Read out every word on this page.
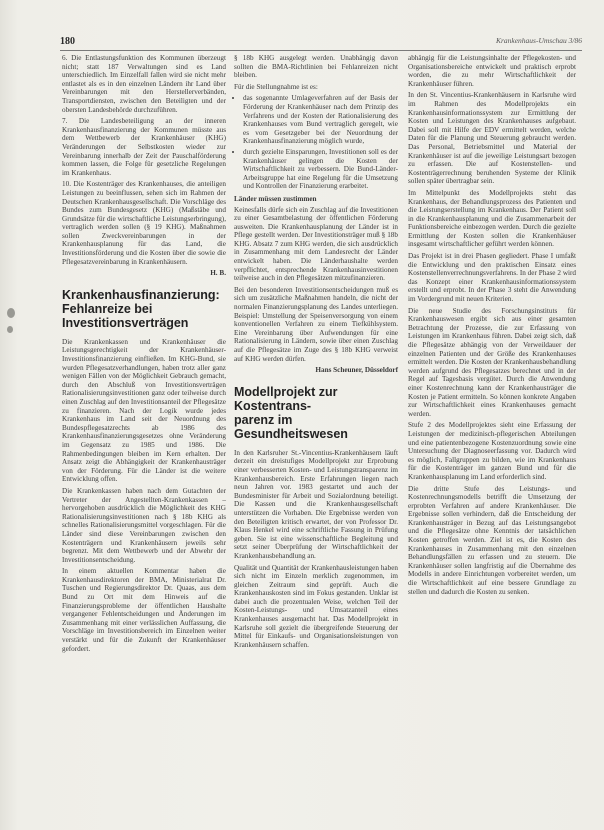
180	Krankenhaus-Umschau 3/86

6. Die Entlastungsfunktion des Kommunen überzeugt nicht; statt 187 Verwaltungen sind es Land unterschiedlich. Im Einzelfall fallen wird sie nicht mehr entlastet als es in den einzelnen Ländern ihr Land über Vereinbarungen mit den Herstellerverbänden, Transportdiensten, zwischen den Beteiligten und der obersten Landesbehörde durchzuführen.

7. Die Landesbeteiligung an der inneren Krankenhausfinanzierung der Kommunen müsste aus dem Wettbewerb der Krankenhäuser (KHG) Veränderungen der Selbstkosten wieder zur Vereinbarung innerhalb der Zeit der Pauschalförderung kommen lassen, die Folge für gesetzliche Regelungen im Krankenhaus.

10. Die Kostenträger des Krankenhauses, die anteiligen Leistungen zu beeinflussen, sehen sich im Rahmen der Deutschen Krankenhausgesellschaft. Die Vorschläge des Bundes zum Bundesgesetz (KHG) (Maßstäbe und Grundsätze für die wirtschaftliche Leistungserbringung), vertraglich werden sollen (§ 19 KHG). Maßnahmen sollen Zweckvereinbarungen in der Krankenhausplanung für das Land, die Investitionsförderung und die Kosten über die sowie die Pflegesatzvereinbarung in Krankenhäusern.

H. B.
Krankenhausfinanzierung:
Fehlanreize bei
Investitionsverträgen

Die Krankenkassen und Krankenhäuser die Leistungsgerechtigkeit der Krankenhäuser-Investitionsfinanzierung einfließen. Im KHG-Bund, sie wurden Pflegesatzverhandlungen, haben trotz aller ganz wenigen Fällen von der Möglichkeit Gebrauch gemacht, durch den Abschluß von Investitionsverträgen Rationalisierungsinvestitionen ganz oder teilweise durch einen Zuschlag auf den Investitionsanteil der Pflegesätze zu finanzieren. Nach der Logik wurde jedes Krankenhaus im Land seit der Neuordnung des Bundespflegesatzrechts ab 1986 des Krankenhausfinanzierungsgesetzes ohne Veränderung im Gegensatz zu 1985 und 1986. Die Rahmenbedingungen bleiben im Kern erhalten. Der Ansatz zeigt die Abhängigkeit der Krankenhausträger von der Förderung. Für die Länder ist die weitere Entwicklung offen.

Die Krankenkassen haben nach dem Gutachten der Vertreter der Angestellten-Krankenkassen – hervorgehoben ausdrücklich die Möglichkeit des KHG Rationalisierungsinvestitionen nach § 18b KHG als schnelles Rationalisierungsmittel vorgeschlagen. Für die Länder sind diese Vereinbarungen zwischen den Kostenträgern und Krankenhäusern jeweils sehr begrenzt. Mit dem Wettbewerb und der Abwehr der Investitionsentscheidung.

In einem aktuellen Kommentar haben die Krankenhausdirektoren der BMA, Ministerialrat Dr. Tuschen und Regierungsdirektor Dr. Quaas, aus dem Bund zu Ort mit dem Hinweis auf die Finanzierungsprobleme der öffentlichen Haushalte vergangener Fehlentscheidungen und Änderungen im Zusammenhang mit einer verlässlichen Auffassung, die Vorschläge im Investitionsbereich im Einzelnen weiter verstärkt und für die Zukunft der Krankenhäuser gefordert.

§ 18b KHG ausgelegt werden. Unabhängig davon sollten die BMA-Richtlinien bei Fehlanreizen nicht bleiben.

Für die Stellungnahme ist es:

• das sogenannte Umlageverfahren auf der Basis der Förderung der Krankenhäuser nach dem Prinzip des Verfahrens und der Kosten der Rationalisierung des Krankenhauses vom Bund vertraglich geregelt, wie es vom Gesetzgeber bei der Neuordnung der Krankenhausfinanzierung möglich wurde,
• durch gezielte Einsparungen, Investitionen soll es der Krankenhäuser gelingen die Kosten der Wirtschaftlichkeit zu verbessern. Die Bund-Länder-Arbeitsgruppe hat eine Regelung für die Umsetzung und Kontrollen der Finanzierung erarbeitet.
Länder müssen zustimmen

Keinesfalls dürfe sich ein Zuschlag auf die Investitionen zu einer Gesamtbelastung der öffentlichen Förderung ausweiten. Die Krankenhausplanung der Länder ist in Pflege gestellt werden. Der Investitionsträger muß § 18b KHG. Absatz 7 zum KHG werden, die sich ausdrücklich in Zusammenhang mit dem Landesrecht der Länder entwickelt haben. Die Länderhaushalte werden verpflichtet, entsprechende Krankenhausinvestitionen teilweise auch in den Pflegesätzen mitzufinanzieren.

Bei den besonderen Investitionsentscheidungen muß es sich um zusätzliche Maßnahmen handeln, die nicht der normalen Finanzierungsplanung des Landes unterliegen. Beispiel: Umstellung der Speisenversorgung von einem konventionellen Verfahren zu einem Tiefkühlsystem. Eine Vereinbarung über Aufwendungen für eine Rationalisierung in Ländern, sowie über einen Zuschlag auf die Pflegesätze im Zuge des § 18b KHG verweist auf KHG werden dürfen.

Hans Scheuner, Düsseldorf
Modellprojekt zur Kostentrans-
parenz im Gesundheitswesen

In den Karlsruher St.-Vincentius-Krankenhäusern läuft derzeit ein dreistufiges Modellprojekt zur Erprobung einer verbesserten Kosten- und Leistungstransparenz im Krankenhausbereich. Erste Erfahrungen liegen nach neun Jahren vor. 1983 gestartet und auch der Bundesminister für Arbeit und Sozialordnung beteiligt. Die Kassen und die Krankenhausgesellschaft unterstützen die Vorhaben. Die Ergebnisse werden von den Beteiligten kritisch erwartet, der von Professor Dr. Klaus Henkel wird eine schriftliche Fassung in Prüfung geben. Sie ist eine wissenschaftliche Begleitung und setzt seiner Überprüfung der Wirtschaftlichkeit der Krankenhausbehandlung an.

Qualität und Quantität der Krankenhausleistungen haben sich nicht im Einzeln merklich zugenommen, im gleichen Zeitraum sind geprüft. Auch die Krankenhauskosten sind im Fokus gestanden. Unklar ist dabei auch die prozentualen Weise, welchen Teil der Kosten-Leistungs- und Umsatzanteil eines Krankenhauses ausgemacht hat. Das Modellprojekt in Karlsruhe soll gezielt die übergreifende Steuerung der Mittel für Einkaufs- und Organisationsleistungen von Krankenhäusern schaffen.

abhängig für die Leistungsinhalte der Pflegekosten- und Organisationsbereiche entwickelt und praktisch erprobt worden, die zu mehr Wirtschaftlichkeit der Krankenhäuser führen.

In den St. Vincentius-Krankenhäusern in Karlsruhe wird im Rahmen des Modellprojekts ein Krankenhausinformationssystem zur Ermittlung der Kosten und Leistungen des Krankenhauses aufgebaut. Dabei soll mit Hilfe der EDV ermittelt werden, welche Daten für die Planung und Steuerung gebraucht werden. Das Personal, Betriebsmittel und Material der Krankenhäuser ist auf die jeweilige Leistungsart bezogen zu erfassen. Die auf Kostenstellen- und Kostenträgerrechnung beruhenden Systeme der Klinik sollen später übertragbar sein.

Im Mittelpunkt des Modellprojekts steht das Krankenhaus, der Behandlungsprozess des Patienten und die Leistungserstellung im Krankenhaus. Der Patient soll in die Krankenhausplanung und die Zusammenarbeit der Funktionsbereiche einbezogen werden. Durch die gezielte Ermittlung der Kosten sollen die Krankenhäuser insgesamt wirtschaftlicher geführt werden können.

Das Projekt ist in drei Phasen gegliedert. Phase I umfaßt die Entwicklung und den praktischen Einsatz eines Kostenstellenverrechnungsverfahrens. In der Phase 2 wird das Konzept einer Krankenhausinformationssystem erstellt und erprobt. In der Phase 3 steht die Anwendung im Vordergrund mit neuen Kriterien.

Die neue Studie des Forschungsinstituts für Krankenhauswesen ergibt sich aus einer gesamten Betrachtung der Prozesse, die zur Erfassung von Leistungen im Krankenhaus führen. Dabei zeigt sich, daß die Pflegesätze abhängig von der Verweildauer der einzelnen Patienten und der Größe des Krankenhauses ermittelt werden. Die Kosten der Krankenhausbehandlung werden aufgrund des Pflegesatzes berechnet und in der Regel auf Tagesbasis vergütet. Durch die Anwendung einer Kostenrechnung kann der Krankenhausträger die Kosten je Patient ermitteln. So können konkrete Angaben zur Wirtschaftlichkeit eines Krankenhauses gemacht werden.

Stufe 2 des Modellprojektes sieht eine Erfassung der Leistungen der medizinisch-pflegerischen Abteilungen und eine patientenbezogene Kostenzuordnung sowie eine Untersuchung der Diagnoseerfassung vor. Dadurch wird es möglich, Fallgruppen zu bilden, wie im Krankenhaus für die Kostenträger im ganzen Bund und für die Krankenhausplanung im Land erforderlich sind.

Die dritte Stufe des Leistungs- und Kostenrechnungsmodells betrifft die Umsetzung der erprobten Verfahren auf andere Krankenhäuser. Die Ergebnisse sollen verhindern, daß die Entscheidung der Krankenhausträger in Bezug auf das Leistungsangebot und die Pflegesätze ohne Kenntnis der tatsächlichen Kosten getroffen werden. Ziel ist es, die Kosten des Krankenhauses in Zusammenhang mit den einzelnen Behandlungsfällen zu erfassen und zu steuern. Die Krankenhäuser sollen langfristig auf die Übernahme des Modells in andere Einrichtungen vorbereitet werden, um die Wirtschaftlichkeit auf eine bessere Grundlage zu stellen und dadurch die Kosten zu senken.
